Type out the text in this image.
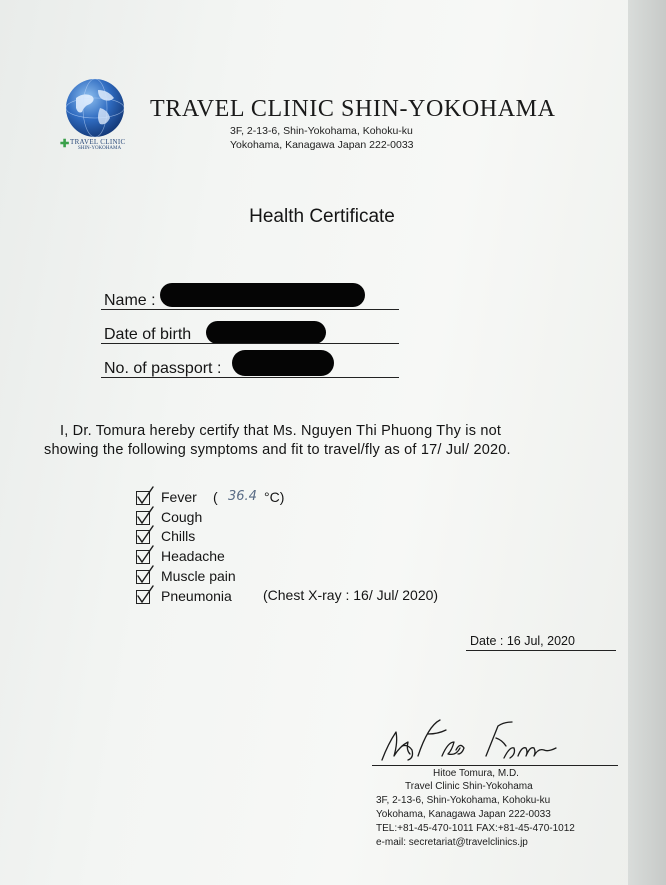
✚ TRAVEL CLINIC
SHIN-YOKOHAMA
TRAVEL CLINIC SHIN-YOKOHAMA
3F, 2-13-6, Shin-Yokohama, Kohoku-ku
Yokohama, Kanagawa Japan 222-0033
Health Certificate
Name :
Date of birth
No. of passport :
I, Dr. Tomura hereby certify that Ms. Nguyen Thi Phuong Thy is not
showing the following symptoms and fit to travel/fly as of 17/ Jul/ 2020.
Fever
Cough
Chills
Headache
Muscle pain
Pneumonia
( 36.4 °C)
(Chest X-ray : 16/ Jul/ 2020)
Date : 16 Jul, 2020
Hitoe Tomura, M.D.
Travel Clinic Shin-Yokohama
3F, 2-13-6, Shin-Yokohama, Kohoku-ku
Yokohama, Kanagawa Japan 222-0033
TEL:+81-45-470-1011 FAX:+81-45-470-1012
e-mail: secretariat@travelclinics.jp
